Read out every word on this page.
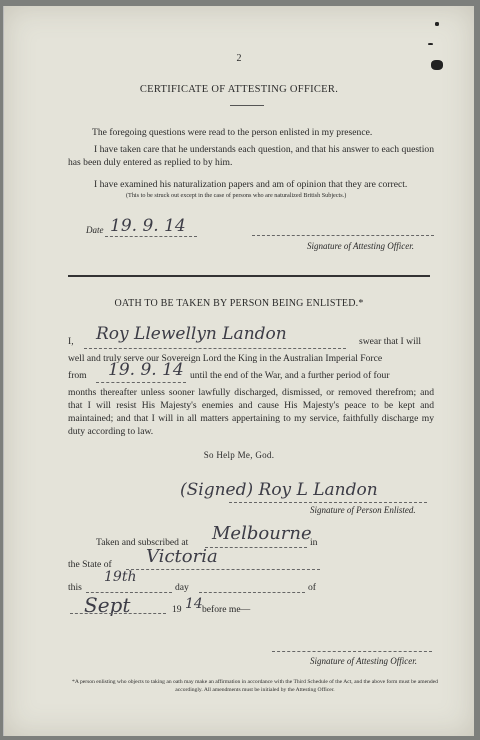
2
CERTIFICATE OF ATTESTING OFFICER.
The foregoing questions were read to the person enlisted in my presence.
I have taken care that he understands each question, and that his answer to each question has been duly entered as replied to by him.
I have examined his naturalization papers and am of opinion that they are correct.
(This to be struck out except in the case of persons who are naturalized British Subjects.)
Date 19. 9. 14
Signature of Attesting Officer.
OATH TO BE TAKEN BY PERSON BEING ENLISTED.*
I, Roy Llewellyn Landon	swear that I will
well and truly serve our Sovereign Lord the King in the Australian Imperial Force
from 19. 9. 14 until the end of the War, and a further period of four
months thereafter unless sooner lawfully discharged, dismissed, or removed therefrom; and that I will resist His Majesty's enemies and cause His Majesty's peace to be kept and maintained; and that I will in all matters appertaining to my service, faithfully discharge my duty according to law.
So Help Me, God.
(Signed) Roy L Landon
Signature of Person Enlisted.
Taken and subscribed at Melbourne
in
the State of Victoria
this
19th
day	of
Sept	19 14 before me—
Signature of Attesting Officer.
*A person enlisting who objects to taking an oath may make an affirmation in accordance with the Third Schedule of the Act, and the above form must be amended accordingly. All amendments must be initialed by the Attesting Officer.
